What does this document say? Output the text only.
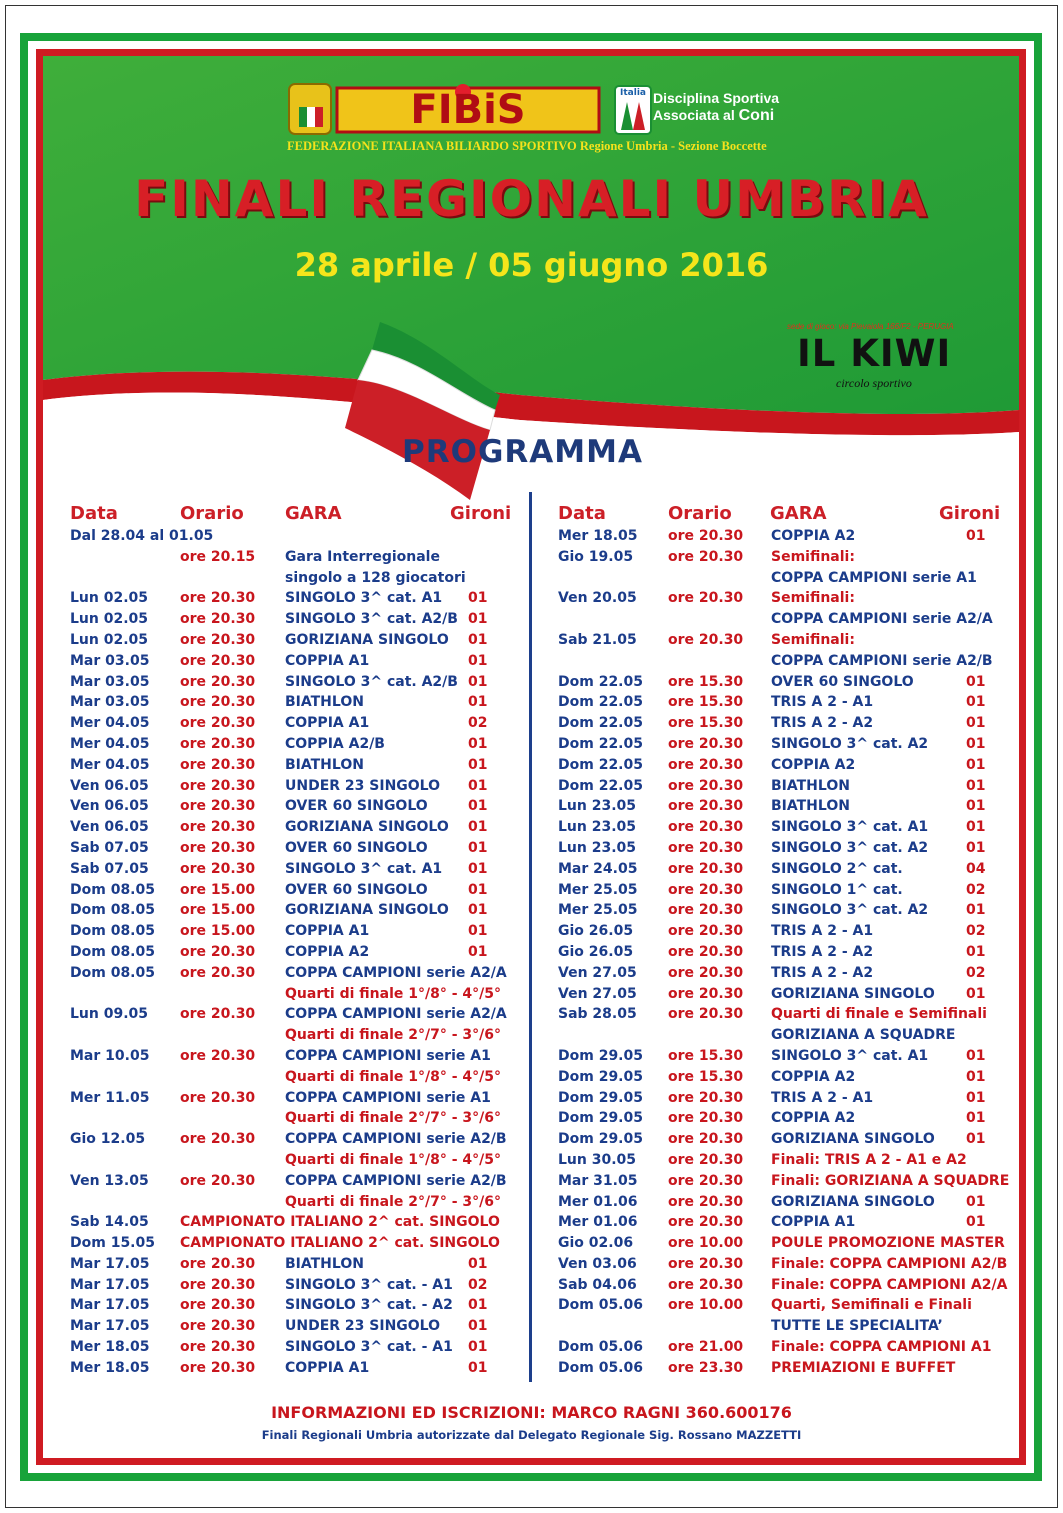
FIBiS	Italia Disciplina Sportiva
Associata al Coni
FEDERAZIONE ITALIANA BILIARDO SPORTIVO Regione Umbria - Sezione Boccette
FINALI REGIONALI UMBRIA
28 aprile / 05 giugno 2016
sede di gioco: via Pievaiola 166/F2 - PERUGIA
IL KIWI
circolo sportivo
PROGRAMMA
Data	Orario GARA	Gironi
Dal 28.04 al 01.05
ore 20.15 Gara Interregionale
singolo a 128 giocatori
Lun 02.05 ore 20.30 SINGOLO 3^ cat. A1 01
Lun 02.05 ore 20.30 SINGOLO 3^ cat. A2/B 01
Lun 02.05 ore 20.30 GORIZIANA SINGOLO 01
Mar 03.05 ore 20.30 COPPIA A1	01
Mar 03.05 ore 20.30 SINGOLO 3^ cat. A2/B 01
Mar 03.05 ore 20.30 BIATHLON	01
Mer 04.05 ore 20.30 COPPIA A1	02
Mer 04.05 ore 20.30 COPPIA A2/B	01
Mer 04.05 ore 20.30 BIATHLON	01
Ven 06.05 ore 20.30 UNDER 23 SINGOLO 01
Ven 06.05 ore 20.30 OVER 60 SINGOLO	01
Ven 06.05 ore 20.30 GORIZIANA SINGOLO 01
Sab 07.05 ore 20.30 OVER 60 SINGOLO	01
Sab 07.05 ore 20.30 SINGOLO 3^ cat. A1 01
Dom 08.05 ore 15.00 OVER 60 SINGOLO	01
Dom 08.05 ore 15.00 GORIZIANA SINGOLO 01
Dom 08.05 ore 15.00 COPPIA A1	01
Dom 08.05 ore 20.30 COPPIA A2	01
Dom 08.05 ore 20.30 COPPA CAMPIONI serie A2/A
Quarti di finale 1°/8° - 4°/5°
Lun 09.05 ore 20.30 COPPA CAMPIONI serie A2/A
Quarti di finale 2°/7° - 3°/6°
Mar 10.05 ore 20.30 COPPA CAMPIONI serie A1
Quarti di finale 1°/8° - 4°/5°
Mer 11.05 ore 20.30 COPPA CAMPIONI serie A1
Quarti di finale 2°/7° - 3°/6°
Gio 12.05 ore 20.30 COPPA CAMPIONI serie A2/B
Quarti di finale 1°/8° - 4°/5°
Ven 13.05 ore 20.30 COPPA CAMPIONI serie A2/B
Quarti di finale 2°/7° - 3°/6°
Sab 14.05 CAMPIONATO ITALIANO 2^ cat. SINGOLO
Dom 15.05 CAMPIONATO ITALIANO 2^ cat. SINGOLO
Mar 17.05 ore 20.30 BIATHLON	01
Mar 17.05 ore 20.30 SINGOLO 3^ cat. - A1 02
Mar 17.05 ore 20.30 SINGOLO 3^ cat. - A2 01
Mar 17.05 ore 20.30 UNDER 23 SINGOLO 01
Mer 18.05 ore 20.30 SINGOLO 3^ cat. - A1 01
Mer 18.05 ore 20.30 COPPIA A1	01
Data	Orario GARA	Gironi
Mer 18.05 ore 20.30 COPPIA A2	01
Gio 19.05 ore 20.30 Semifinali:
COPPA CAMPIONI serie A1
Ven 20.05 ore 20.30 Semifinali:
COPPA CAMPIONI serie A2/A
Sab 21.05 ore 20.30 Semifinali:
COPPA CAMPIONI serie A2/B
Dom 22.05 ore 15.30 OVER 60 SINGOLO	01
Dom 22.05 ore 15.30 TRIS A 2 - A1	01
Dom 22.05 ore 15.30 TRIS A 2 - A2	01
Dom 22.05 ore 20.30 SINGOLO 3^ cat. A2	01
Dom 22.05 ore 20.30 COPPIA A2	01
Dom 22.05 ore 20.30 BIATHLON	01
Lun 23.05 ore 20.30 BIATHLON	01
Lun 23.05 ore 20.30 SINGOLO 3^ cat. A1	01
Lun 23.05 ore 20.30 SINGOLO 3^ cat. A2	01
Mar 24.05 ore 20.30 SINGOLO 2^ cat.	04
Mer 25.05 ore 20.30 SINGOLO 1^ cat.	02
Mer 25.05 ore 20.30 SINGOLO 3^ cat. A2	01
Gio 26.05 ore 20.30 TRIS A 2 - A1	02
Gio 26.05 ore 20.30 TRIS A 2 - A2	01
Ven 27.05 ore 20.30 TRIS A 2 - A2	02
Ven 27.05 ore 20.30 GORIZIANA SINGOLO 01
Sab 28.05 ore 20.30 Quarti di finale e Semifinali
GORIZIANA A SQUADRE
Dom 29.05 ore 15.30 SINGOLO 3^ cat. A1	01
Dom 29.05 ore 15.30 COPPIA A2	01
Dom 29.05 ore 20.30 TRIS A 2 - A1	01
Dom 29.05 ore 20.30 COPPIA A2	01
Dom 29.05 ore 20.30 GORIZIANA SINGOLO 01
Lun 30.05 ore 20.30 Finali: TRIS A 2 - A1 e A2
Mar 31.05 ore 20.30 Finali: GORIZIANA A SQUADRE
Mer 01.06 ore 20.30 GORIZIANA SINGOLO 01
Mer 01.06 ore 20.30 COPPIA A1	01
Gio 02.06 ore 10.00 POULE PROMOZIONE MASTER
Ven 03.06 ore 20.30 Finale: COPPA CAMPIONI A2/B
Sab 04.06 ore 20.30 Finale: COPPA CAMPIONI A2/A
Dom 05.06 ore 10.00 Quarti, Semifinali e Finali
TUTTE LE SPECIALITA’
Dom 05.06 ore 21.00 Finale: COPPA CAMPIONI A1
Dom 05.06 ore 23.30 PREMIAZIONI E BUFFET
INFORMAZIONI ED ISCRIZIONI: MARCO RAGNI 360.600176
Finali Regionali Umbria autorizzate dal Delegato Regionale Sig. Rossano MAZZETTI
